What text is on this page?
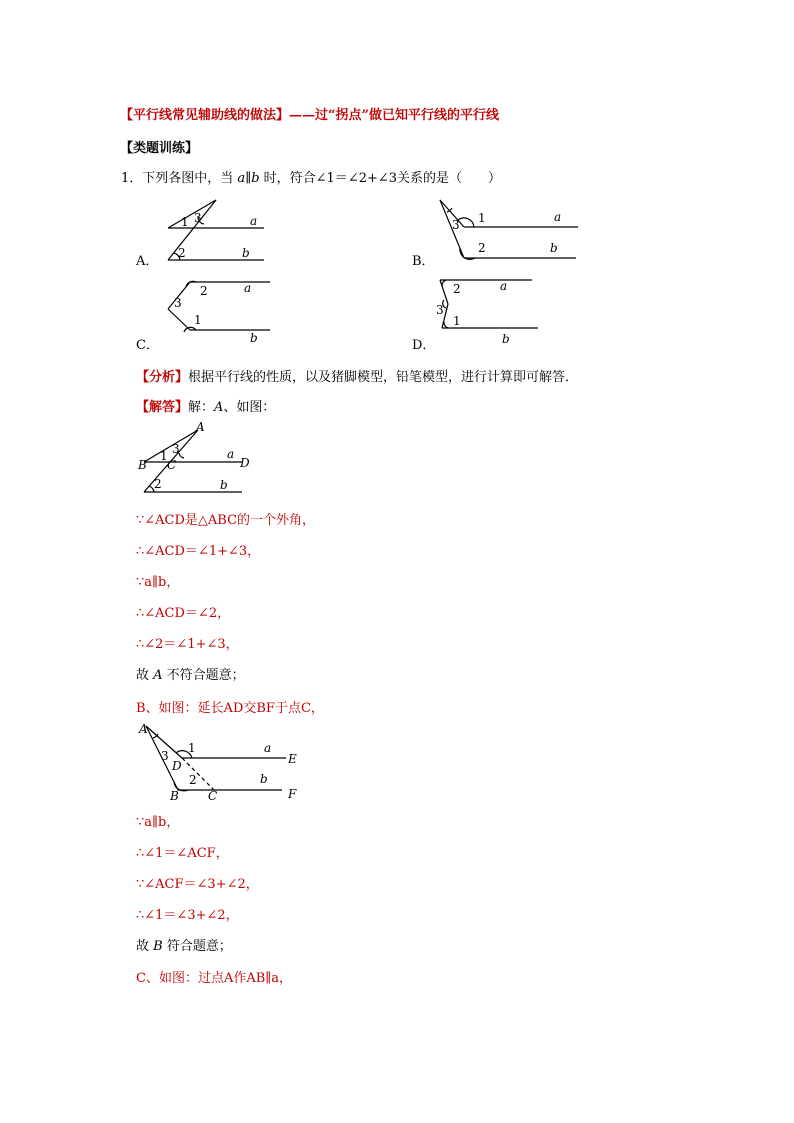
【平行线常见辅助线的做法】——过“拐点”做已知平行线的平行线
【类题训练】
1．下列各图中，当 a∥b 时，符合∠1＝∠2+∠3关系的是（　　）
1 3
2
a
b
A．
1
3
2
a
b
B．
2
3
1
a
b
C．
2
3
1
a
b
D．
【分析】根据平行线的性质，以及猪脚模型，铅笔模型，进行计算即可解答．
【解答】解：A、如图：
A
B C	D
1 3
2
a
b
∵∠ACD是△ABC的一个外角，
∴∠ACD＝∠1+∠3，
∵a∥b，
∴∠ACD＝∠2，
∴∠2＝∠1+∠3，
故 A 不符合题意；
B、如图：延长AD交BF于点C，
A
D
B C
E
F
1
3
2
a
b
∵a∥b，
∴∠1＝∠ACF，
∵∠ACF＝∠3+∠2，
∴∠1＝∠3+∠2，
故 B 符合题意；
C、如图：过点A作AB∥a，
